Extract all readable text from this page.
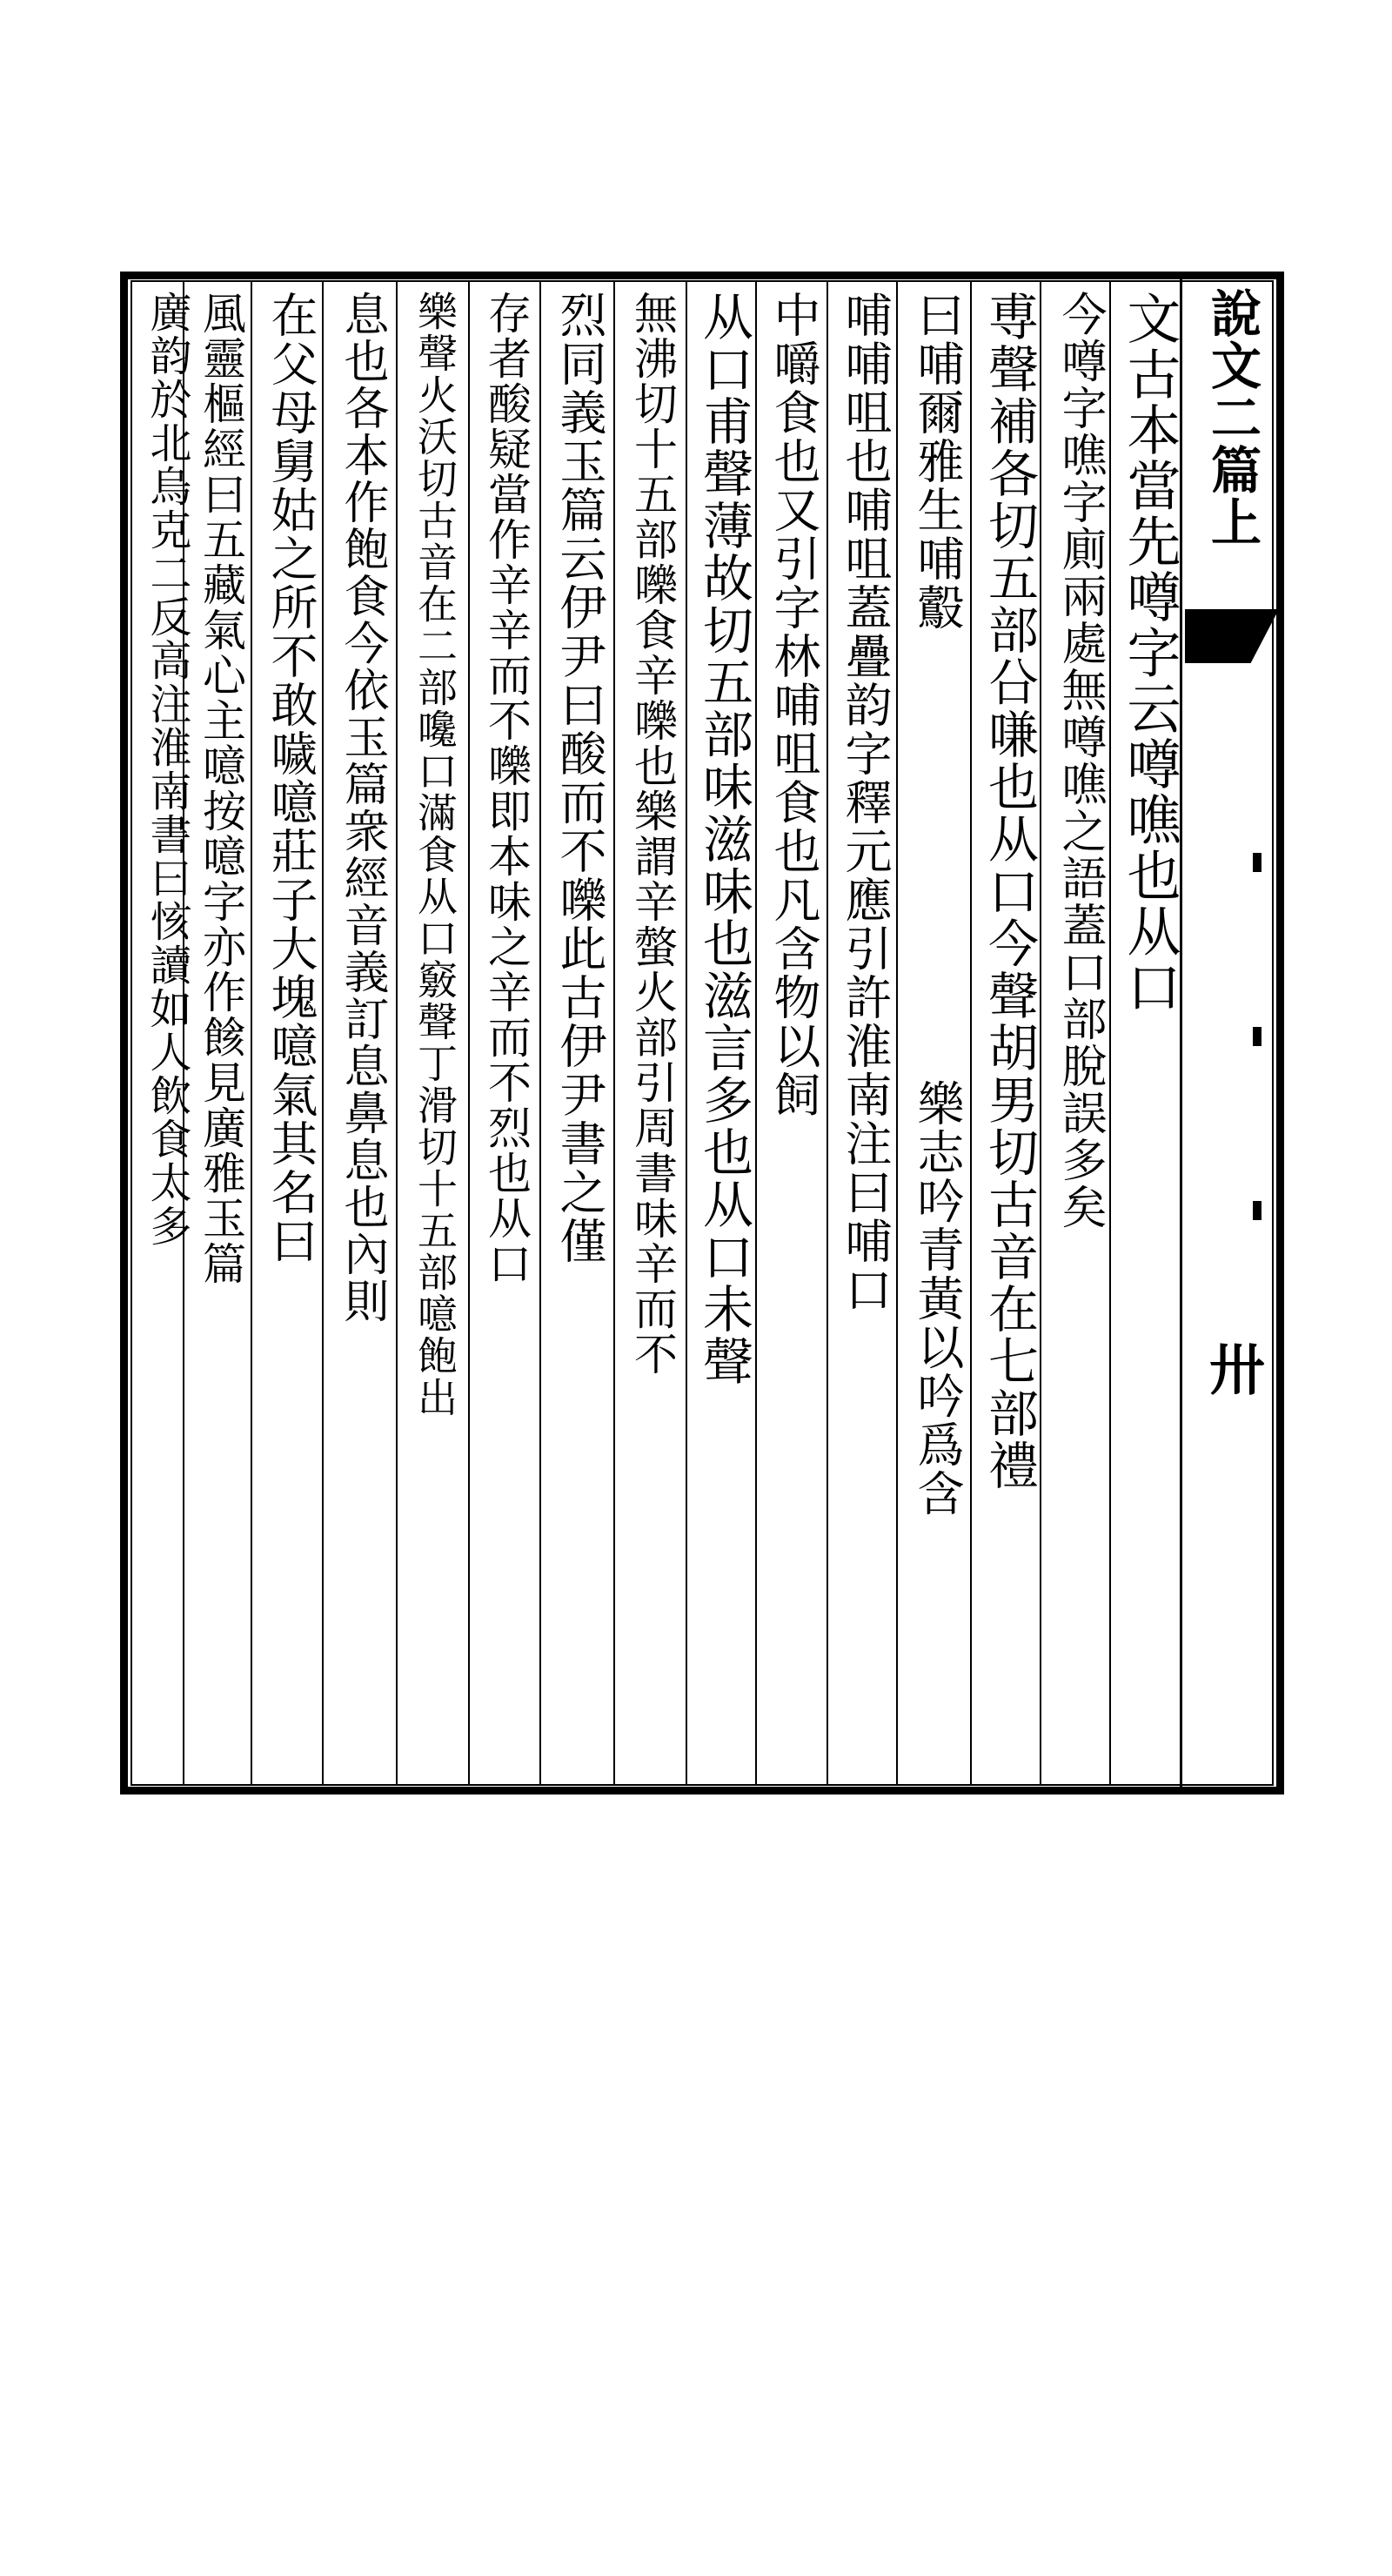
說文二篇上
卅
文古本當先噂字云噂噍也从口
今噂字噍字廁兩處無噂噍之語蓋口部脫誤多矣
尃聲補各切五部㕣嗛也从口今聲胡男切古音在七部禮
樂志吟青黃以吟爲含
曰哺爾雅生哺鷇
哺哺咀也哺咀蓋疊韵字釋元應引許淮南注曰哺口
中嚼食也又引字林哺咀食也凡含物以飼
从口甫聲薄故切五部味滋味也滋言多也从口未聲
無沸切十五部嚛食辛嚛也樂謂辛螫火部引周書味辛而不
烈同義玉篇云伊尹曰酸而不嚛此古伊尹書之僅
存者酸疑當作辛辛而不嚛即本味之辛而不烈也从口
樂聲火沃切古音在二部嚵口滿食从口竅聲丁滑切十五部噫飽出
息也各本作飽食今依玉篇衆經音義訂息鼻息也內則
在父母舅姑之所不敢噦噫莊子大塊噫氣其名曰
風靈樞經曰五藏氣心主噫按噫字亦作餩見廣雅玉篇
廣韵於北烏克二反高注淮南書曰㤥讀如人飲食太多
